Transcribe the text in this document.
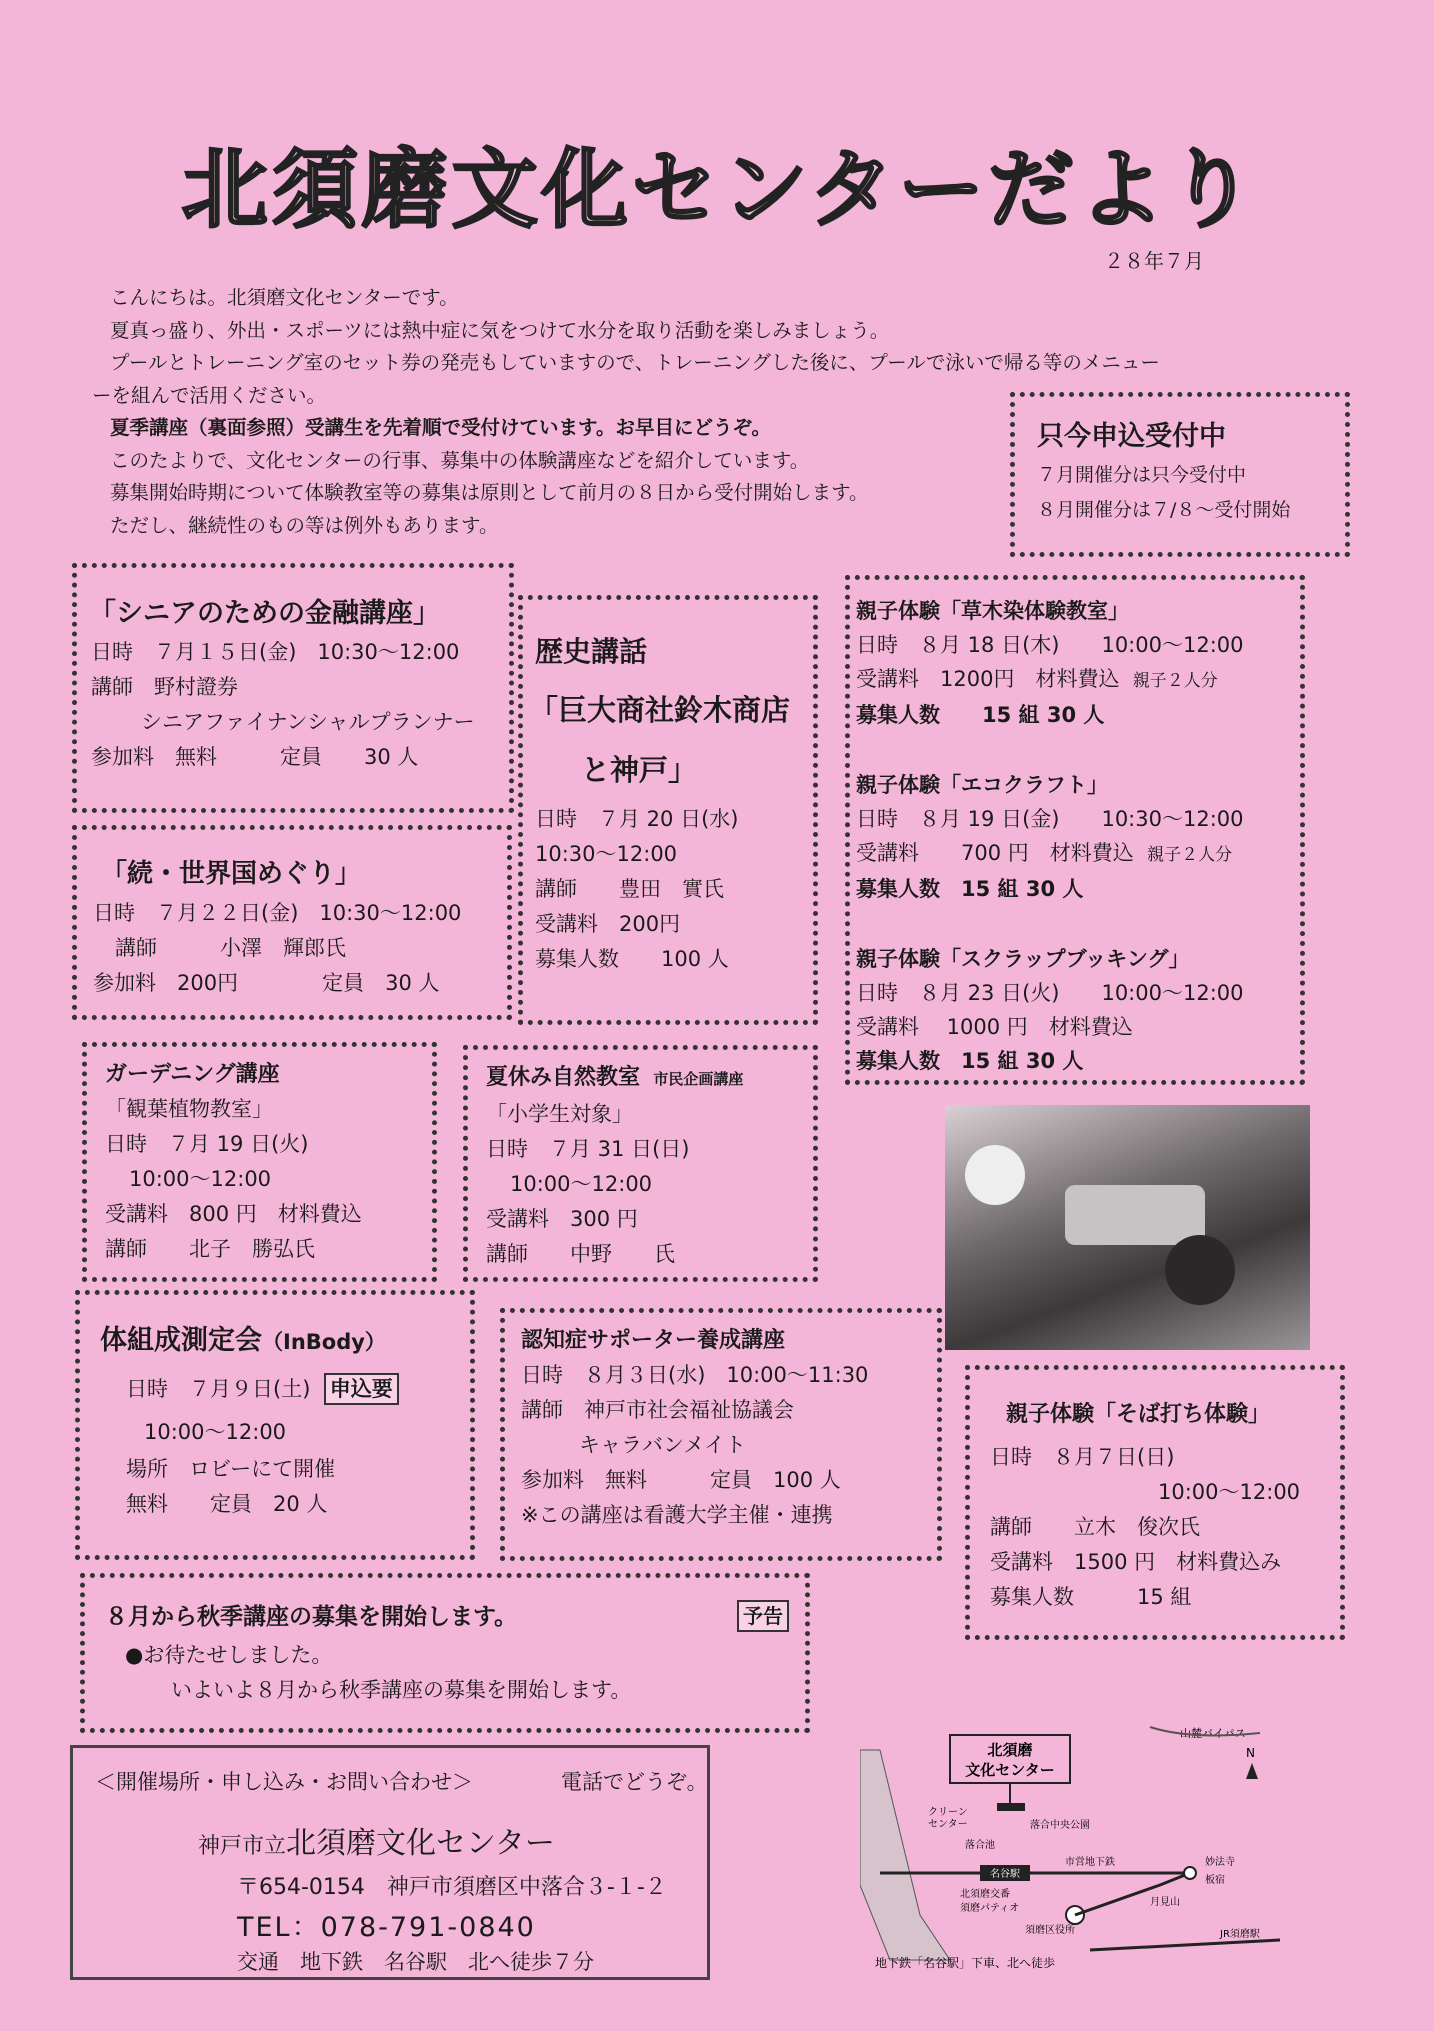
北須磨文化センターだより
２８年７月

こんにちは。北須磨文化センターです。

夏真っ盛り、外出・スポーツには熱中症に気をつけて水分を取り活動を楽しみましょう。

プールとトレーニング室のセット券の発売もしていますので、トレーニングした後に、プールで泳いで帰る等のメニュー

ーを組んで活用ください。

夏季講座（裏面参照）受講生を先着順で受付けています。お早目にどうぞ。

このたよりで、文化センターの行事、募集中の体験講座などを紹介しています。

募集開始時期について体験教室等の募集は原則として前月の８日から受付開始します。

ただし、継続性のもの等は例外もあります。

只今申込受付中

７月開催分は只今受付中

８月開催分は７/８～受付開始

「シニアのための金融講座」

日時　７月１５日(金)　10:30～12:00

講師　野村證券

シニアファイナンシャルプランナー

参加料　無料　　　定員　　30 人

歴史講話

「巨大商社鈴木商店

と神戸」

日時　７月 20 日(水)

10:30～12:00

講師　　豊田　實氏

受講料　200円

募集人数　　100 人

親子体験「草木染体験教室」

日時　８月 18 日(木)　　10:00～12:00

受講料　1200円　材料費込 親子２人分

募集人数　　15 組 30 人

親子体験「エコクラフト」

日時　８月 19 日(金)　　10:30～12:00

受講料　　700 円　材料費込 親子２人分

募集人数　15 組 30 人

親子体験「スクラップブッキング」

日時　８月 23 日(火)　　10:00～12:00

受講料　 1000 円　材料費込

募集人数　15 組 30 人

「続・世界国めぐり」

日時　７月２２日(金)　10:30～12:00

講師　　　小澤　輝郎氏

参加料　200円　　　　定員　30 人

ガーデニング講座

「観葉植物教室」

日時　７月 19 日(火)

10:00～12:00

受講料　800 円　材料費込

講師　　北子　勝弘氏

夏休み自然教室 市民企画講座

「小学生対象」

日時　７月 31 日(日)

10:00～12:00

受講料　300 円

講師　　中野　　氏

体組成測定会（InBody）

日時　７月９日(土) 申込要

10:00～12:00

場所　ロビーにて開催

無料　　定員　20 人

認知症サポーター養成講座

日時　８月３日(水)　10:00～11:30

講師　神戸市社会福祉協議会

キャラバンメイト

参加料　無料　　　定員　100 人

※この講座は看護大学主催・連携

親子体験「そば打ち体験」

日時　８月７日(日)

10:00～12:00

講師　　立木　俊次氏

受講料　1500 円　材料費込み

募集人数　　　15 組

８月から秋季講座の募集を開始します。	予告

●お待たせしました。

いよいよ８月から秋季講座の募集を開始します。

＜開催場所・申し込み・お問い合わせ＞	電話でどうぞ。
神戸市立北須磨文化センター
〒654-0154　神戸市須磨区中落合３-１-２
TEL：078-791-0840
交通　地下鉄　名谷駅　北へ徒歩７分
北須磨
文化センター
山麓バイパス
N
クリーン
センター	落合中央公園
落合池
名谷駅
市営地下鉄
北須磨交番
須磨パティオ
須磨区役所
妙法寺
板宿
月見山
JR須磨駅
地下鉄「名谷駅」下車、北へ徒歩
